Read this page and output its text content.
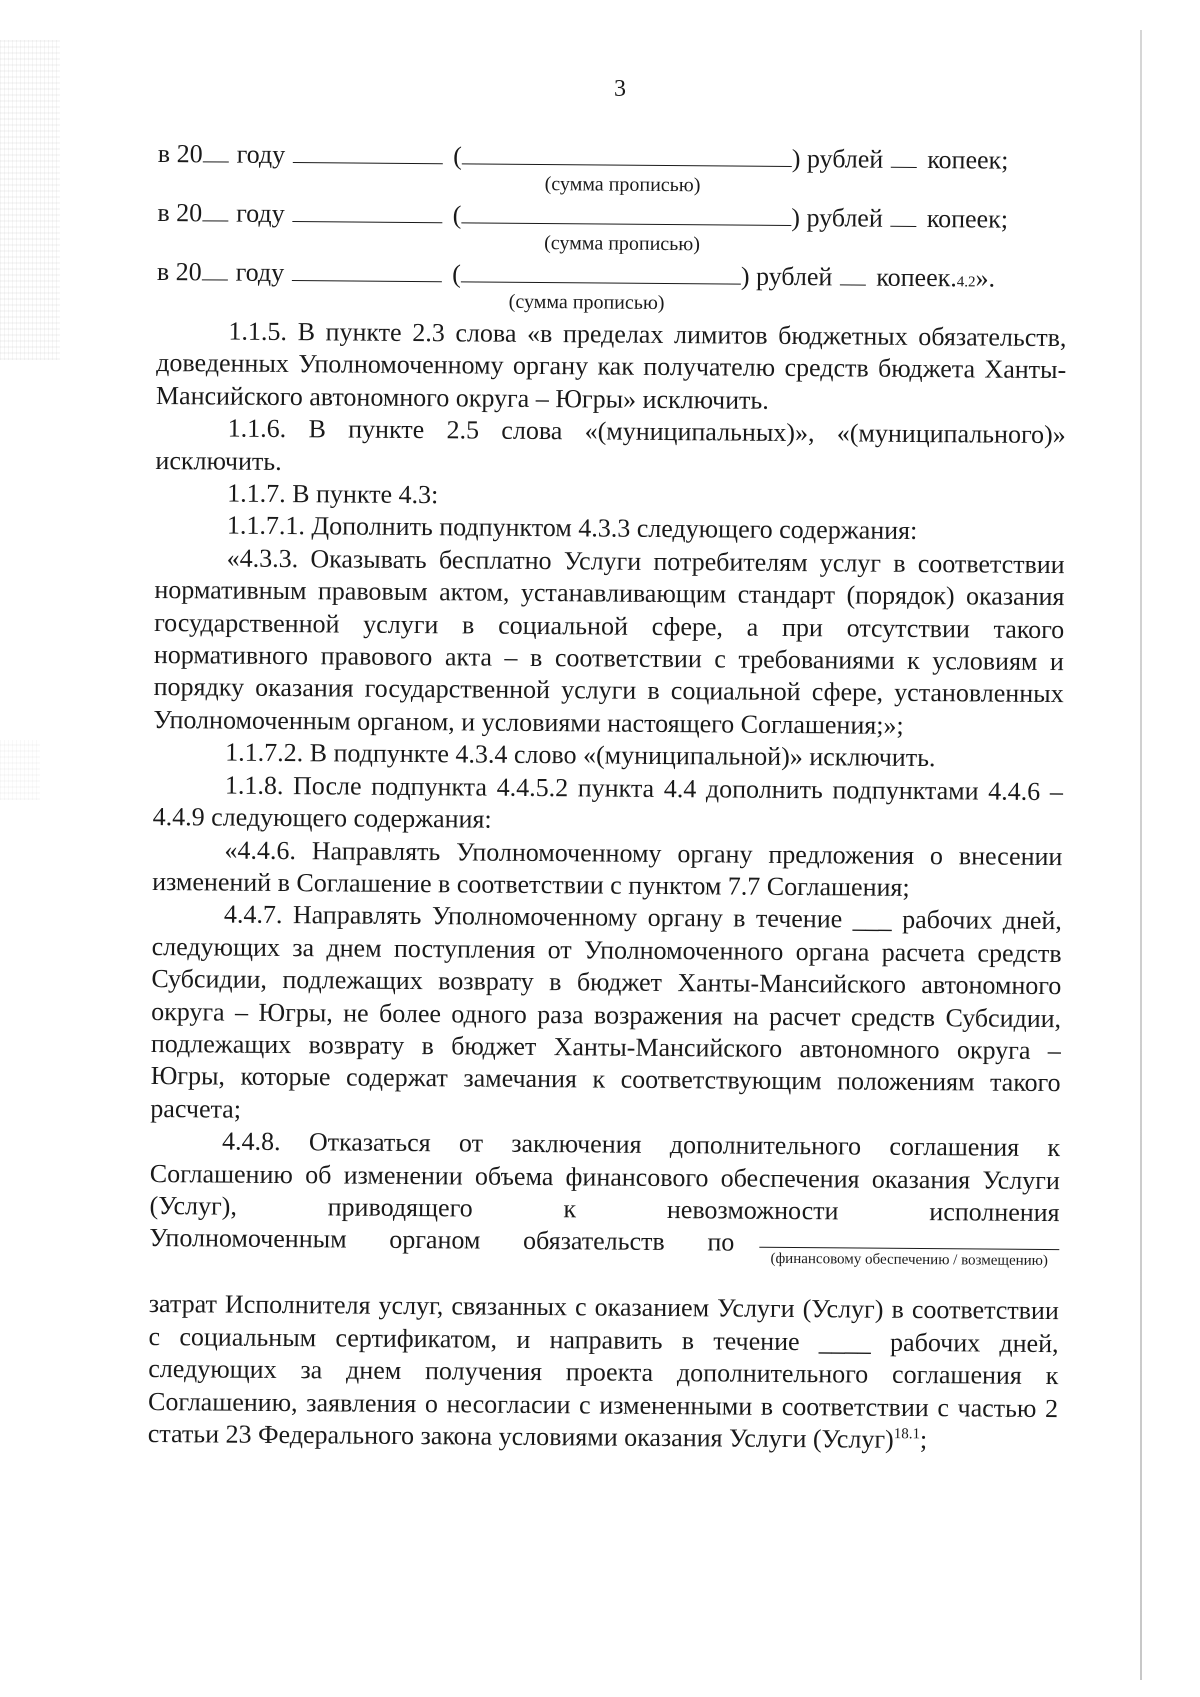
3
в 20 году	(	) рублей копеек;
(сумма прописью)
в 20 году	(	) рублей копеек;
(сумма прописью)
в 20 году	(	) рублей копеек. 4.2 ».
(сумма прописью)

1.1.5. В пункте 2.3 слова «в пределах лимитов бюджетных обязательств, доведенных Уполномоченному органу как получателю средств бюджета Ханты-Мансийского автономного округа – Югры» исключить.

1.1.6. В пункте 2.5 слова «(муниципальных)», «(муниципального)» исключить.

1.1.7. В пункте 4.3:

1.1.7.1. Дополнить подпунктом 4.3.3 следующего содержания:

«4.3.3. Оказывать бесплатно Услуги потребителям услуг в соответствии нормативным правовым актом, устанавливающим стандарт (порядок) оказания государственной услуги в социальной сфере, а при отсутствии такого нормативного правового акта – в соответствии с требованиями к условиям и порядку оказания государственной услуги в социальной сфере, установленных Уполномоченным органом, и условиями настоящего Соглашения;»;

1.1.7.2. В подпункте 4.3.4 слово «(муниципальной)» исключить.

1.1.8. После подпункта 4.4.5.2 пункта 4.4 дополнить подпунктами 4.4.6 – 4.4.9 следующего содержания:

«4.4.6. Направлять Уполномоченному органу предложения о внесении изменений в Соглашение в соответствии с пунктом 7.7 Соглашения;

4.4.7. Направлять Уполномоченному органу в течение ___ рабочих дней, следующих за днем поступления от Уполномоченного органа расчета средств Субсидии, подлежащих возврату в бюджет Ханты-Мансийского автономного округа – Югры, не более одного раза возражения на расчет средств Субсидии, подлежащих возврату в бюджет Ханты-Мансийского автономного округа – Югры, которые содержат замечания к соответствующим положениям такого расчета;

4.4.8. Отказаться от заключения дополнительного соглашения к Соглашению об изменении объема финансового обеспечения оказания Услуги (Услуг), приводящего к невозможности исполнения

Уполномоченным органом обязательств по
(финансовому обеспечению / возмещению)

затрат Исполнителя услуг, связанных с оказанием Услуги (Услуг) в соответствии с социальным сертификатом, и направить в течение ____ рабочих дней, следующих за днем получения проекта дополнительного соглашения к Соглашению, заявления о несогласии с измененными в соответствии с частью 2 статьи 23 Федерального закона условиями оказания Услуги (Услуг)$^{18.1}$;
